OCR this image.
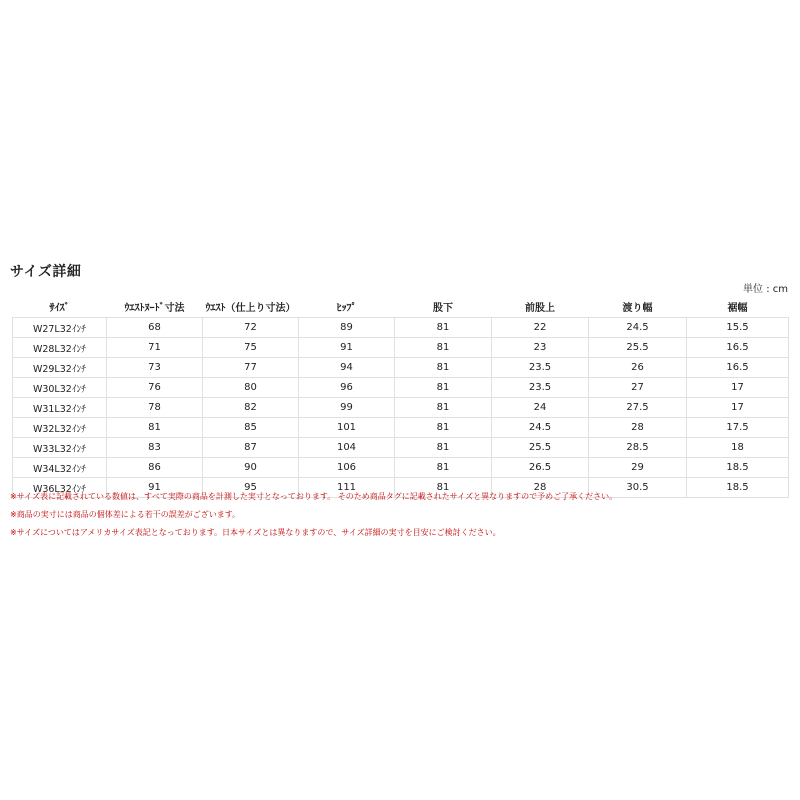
サイズ詳細
単位 : cm
ｻｲｽﾞ	ｳｴｽﾄﾇｰﾄﾞ寸法	ｳｴｽﾄ（仕上り寸法）	ﾋｯﾌﾟ	股下	前股上	渡り幅	裾幅
W27L32ｲﾝﾁ	68	72	89	81	22	24.5	15.5
W28L32ｲﾝﾁ	71	75	91	81	23	25.5	16.5
W29L32ｲﾝﾁ	73	77	94	81	23.5	26	16.5
W30L32ｲﾝﾁ	76	80	96	81	23.5	27	17
W31L32ｲﾝﾁ	78	82	99	81	24	27.5	17
W32L32ｲﾝﾁ	81	85	101	81	24.5	28	17.5
W33L32ｲﾝﾁ	83	87	104	81	25.5	28.5	18
W34L32ｲﾝﾁ	86	90	106	81	26.5	29	18.5
W36L32ｲﾝﾁ	91	95	111	81	28	30.5	18.5
※サイズ表に記載されている数値は、すべて実際の商品を計測した実寸となっております。 そのため商品タグに記載されたサイズと異なりますので予めご了承ください。
※商品の実寸には商品の個体差による若干の誤差がございます。
※サイズについてはアメリカサイズ表記となっております。日本サイズとは異なりますので、サイズ詳細の実寸を目安にご検討ください。
